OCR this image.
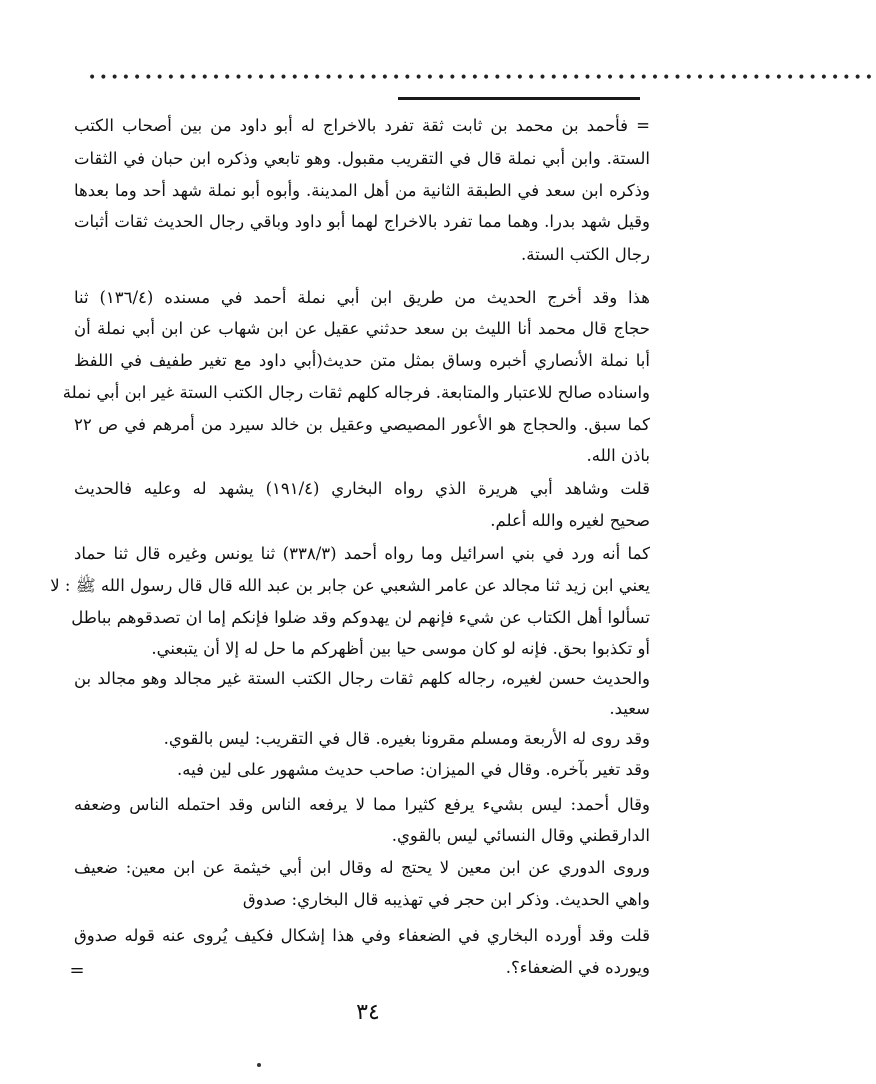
••••••••••••••••••••••••••••••••••••••••••••••••••••••••••••••••••••••
= فأحمد بن محمد بن ثابت ثقة تفرد بالاخراج له أبو داود من بين أصحاب الكتب
الستة. وابن أبي نملة قال في التقريب مقبول. وهو تابعي وذكره ابن حبان في الثقات
وذكره ابن سعد في الطبقة الثانية من أهل المدينة. وأبوه أبو نملة شهد أحد وما بعدها
وقيل شهد بدرا. وهما مما تفرد بالاخراج لهما أبو داود وباقي رجال الحديث ثقات أثبات
رجال الكتب الستة.
هذا وقد أخرج الحديث من طريق ابن أبي نملة أحمد في مسنده (١٣٦/٤) ثنا
حجاج قال محمد أنا الليث بن سعد حدثني عقيل عن ابن شهاب عن ابن أبي نملة أن
أبا نملة الأنصاري أخبره وساق بمثل متن حديث(أبي داود مع تغير طفيف في اللفظ
واسناده صالح للاعتبار والمتابعة. فرجاله كلهم ثقات رجال الكتب الستة غير ابن أبي نملة
كما سبق. والحجاج هو الأعور المصيصي وعقيل بن خالد سيرد من أمرهم في ص ٢٢
باذن الله.
قلت وشاهد أبي هريرة الذي رواه البخاري (١٩١/٤) يشهد له وعليه فالحديث
صحيح لغيره والله أعلم.
كما أنه ورد في بني اسرائيل وما رواه أحمد (٣٣٨/٣) ثنا يونس وغيره قال ثنا حماد
يعني ابن زيد ثنا مجالد عن عامر الشعبي عن جابر بن عبد الله قال قال رسول الله ﷺ : لا
تسألوا أهل الكتاب عن شيء فإنهم لن يهدوكم وقد ضلوا فإنكم إما ان تصدقوهم بباطل
أو تكذبوا بحق. فإنه لو كان موسى حيا بين أظهركم ما حل له إلا أن يتبعني.
والحديث حسن لغيره، رجاله كلهم ثقات رجال الكتب الستة غير مجالد وهو مجالد بن
سعيد.
وقد روى له الأربعة ومسلم مقرونا بغيره. قال في التقريب: ليس بالقوي.
وقد تغير بآخره. وقال في الميزان: صاحب حديث مشهور على لين فيه.
وقال أحمد: ليس بشيء يرفع كثيرا مما لا يرفعه الناس وقد احتمله الناس وضعفه
الدارقطني وقال النسائي ليس بالقوي.
وروى الدوري عن ابن معين لا يحتج له وقال ابن أبي خيثمة عن ابن معين: ضعيف
واهي الحديث. وذكر ابن حجر في تهذيبه قال البخاري: صدوق
قلت وقد أورده البخاري في الضعفاء وفي هذا إشكال فكيف يُروى عنه قوله صدوق
ويورده في الضعفاء؟.
=
٣٤
